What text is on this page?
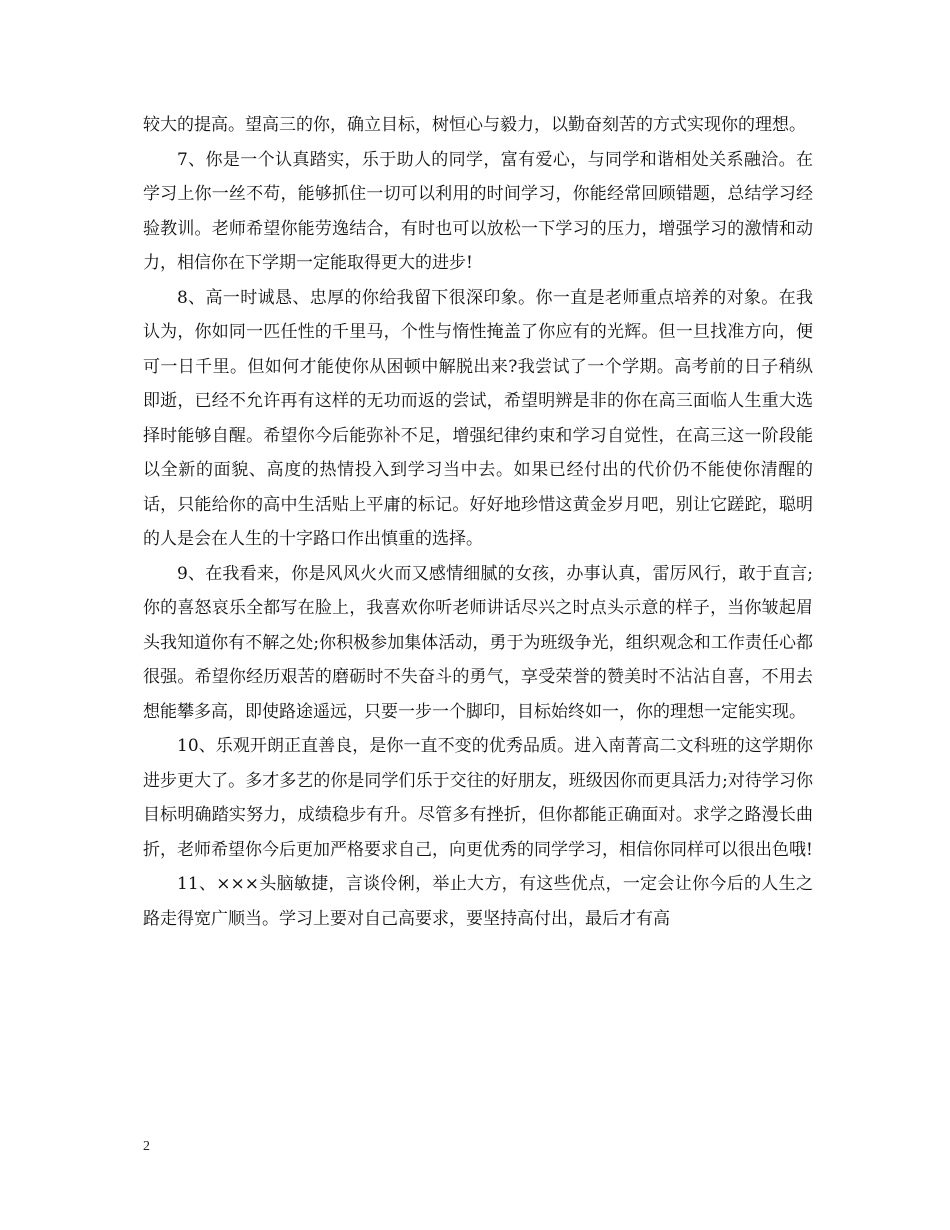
较大的提高。望高三的你，确立目标，树恒心与毅力，以勤奋刻苦的方式实现你的理想。

7、你是一个认真踏实，乐于助人的同学，富有爱心，与同学和谐相处关系融洽。在学习上你一丝不苟，能够抓住一切可以利用的时间学习，你能经常回顾错题，总结学习经验教训。老师希望你能劳逸结合，有时也可以放松一下学习的压力，增强学习的激情和动力，相信你在下学期一定能取得更大的进步!

8、高一时诚恳、忠厚的你给我留下很深印象。你一直是老师重点培养的对象。在我认为，你如同一匹任性的千里马，个性与惰性掩盖了你应有的光辉。但一旦找准方向，便可一日千里。但如何才能使你从困顿中解脱出来?我尝试了一个学期。高考前的日子稍纵即逝，已经不允许再有这样的无功而返的尝试，希望明辨是非的你在高三面临人生重大选择时能够自醒。希望你今后能弥补不足，增强纪律约束和学习自觉性，在高三这一阶段能以全新的面貌、高度的热情投入到学习当中去。如果已经付出的代价仍不能使你清醒的话，只能给你的高中生活贴上平庸的标记。好好地珍惜这黄金岁月吧，别让它蹉跎，聪明的人是会在人生的十字路口作出慎重的选择。

9、在我看来，你是风风火火而又感情细腻的女孩，办事认真，雷厉风行，敢于直言;你的喜怒哀乐全都写在脸上，我喜欢你听老师讲话尽兴之时点头示意的样子，当你皱起眉头我知道你有不解之处;你积极参加集体活动，勇于为班级争光，组织观念和工作责任心都很强。希望你经历艰苦的磨砺时不失奋斗的勇气，享受荣誉的赞美时不沾沾自喜，不用去想能攀多高，即使路途遥远，只要一步一个脚印，目标始终如一，你的理想一定能实现。

10、乐观开朗正直善良，是你一直不变的优秀品质。进入南菁高二文科班的这学期你进步更大了。多才多艺的你是同学们乐于交往的好朋友，班级因你而更具活力;对待学习你目标明确踏实努力，成绩稳步有升。尽管多有挫折，但你都能正确面对。求学之路漫长曲折，老师希望你今后更加严格要求自己，向更优秀的同学学习，相信你同样可以很出色哦!

11、×××头脑敏捷，言谈伶俐，举止大方，有这些优点，一定会让你今后的人生之路走得宽广顺当。学习上要对自己高要求，要坚持高付出，最后才有高

2
